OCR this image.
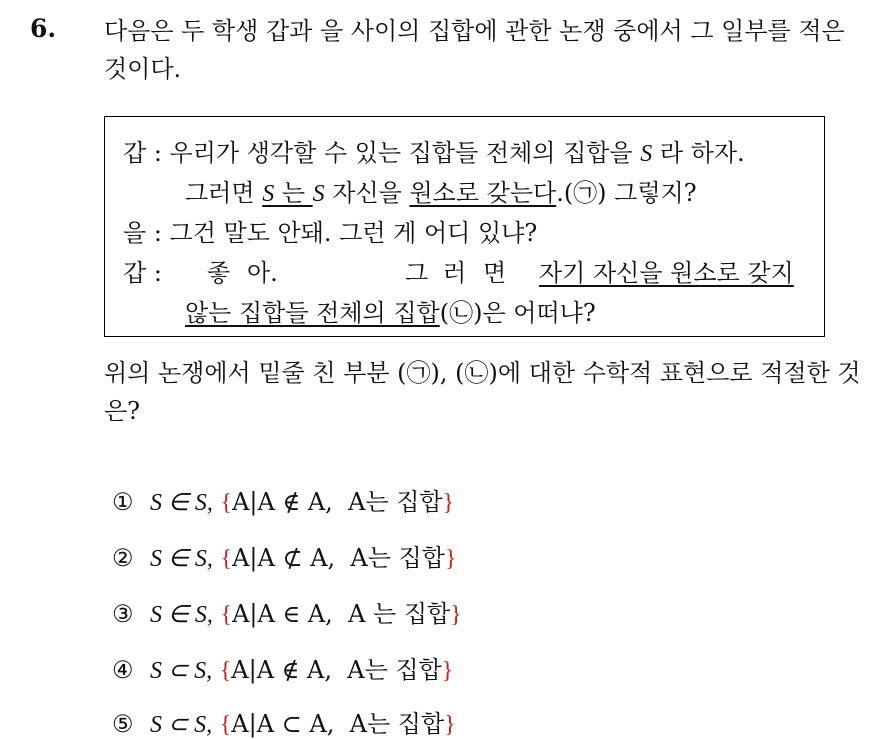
6. 다음은 두 학생 갑과 을 사이의 집합에 관한 논쟁 중에서 그 일부를 적은 것이다.
갑 : 우리가 생각할 수 있는 집합들 전체의 집합을 S 라 하자.
그러면 S 는 S 자신을 원소로 갖는다.(㉠) 그렇지?
을 : 그건 말도 안돼. 그런 게 어디 있냐?
갑 : 좋 아.	그 러 면 자기 자신을 원소로 갖지
않는 집합들 전체의 집합(㉡)은 어떠냐?
위의 논쟁에서 밑줄 친 부분 (㉠), (㉡)에 대한 수학적 표현으로 적절한 것은?
① S ∈ S, {A|A ∉ A,  A는 집합}
② S ∈ S, {A|A ⊄ A,  A는 집합}
③ S ∈ S, {A|A ∈ A,  A 는 집합}
④ S ⊂ S, {A|A ∉ A,  A는 집합}
⑤ S ⊂ S, {A|A ⊂ A,  A는 집합}
